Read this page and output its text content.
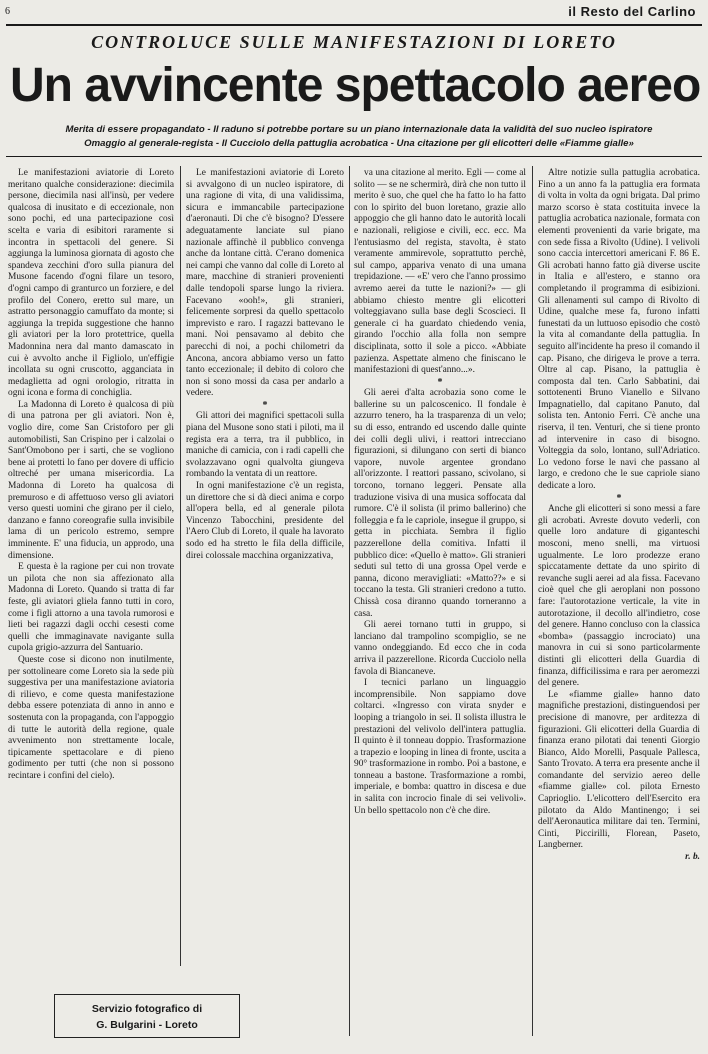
6	il Resto del Carlino
CONTROLUCE SULLE MANIFESTAZIONI DI LORETO
Un avvincente spettacolo aereo
Merita di essere propagandato - Il raduno si potrebbe portare su un piano internazionale data la validità del suo nucleo ispiratore
Omaggio al generale-regista - Il Cucciolo della pattuglia acrobatica - Una citazione per gli elicotteri delle «Fiamme gialle»

Le manifestazioni aviatorie di Loreto meritano qualche considerazione: diecimila persone, diecimila nasi all'insù, per vedere qualcosa di inusitato e di eccezionale, non sono pochi, ed una partecipazione così scelta e varia di esibitori raramente si incontra in spettacoli del genere. Si aggiunga la luminosa giornata di agosto che spandeva zecchini d'oro sulla pianura del Musone facendo d'ogni filare un tesoro, d'ogni campo di granturco un forziere, e del profilo del Conero, eretto sul mare, un astratto personaggio camuffato da monte; si aggiunga la trepida suggestione che hanno gli aviatori per la loro protettrice, quella Madonnina nera dal manto damascato in cui è avvolto anche il Figliolo, un'effigie incollata su ogni cruscotto, agganciata in medaglietta ad ogni orologio, ritratta in ogni icona e forma di conchiglia.

La Madonna di Loreto è qualcosa di più di una patrona per gli aviatori. Non è, voglio dire, come San Cristoforo per gli automobilisti, San Crispino per i calzolai o Sant'Omobono per i sarti, che se vogliono bene ai protetti lo fano per dovere di ufficio oltreché per umana misericordia. La Madonna di Loreto ha qualcosa di premuroso e di affettuoso verso gli aviatori verso questi uomini che girano per il cielo, danzano e fanno coreografie sulla invisibile lama di un pericolo estremo, sempre imminente. E' una fiducia, un approdo, una dimensione.

E questa è la ragione per cui non trovate un pilota che non sia affezionato alla Madonna di Loreto. Quando si tratta di far feste, gli aviatori gliela fanno tutti in coro, come i figli attorno a una tavola rumorosi e lieti bei ragazzi dagli occhi cesesti come quelli che immaginavate navigante sulla cupola grigio-azzurra del Santuario.

Queste cose si dicono non inutilmente, per sottolineare come Loreto sia la sede più suggestiva per una manifestazione aviatoria di rilievo, e come questa manifestazione debba essere potenziata di anno in anno e sostenuta con la propaganda, con l'appoggio di tutte le autorità della regione, quale avvenimento non strettamente locale, tipicamente spettacolare e di pieno godimento per tutti (che non si possono recintare i confini del cielo).

Le manifestazioni aviatorie di Loreto si avvalgono di un nucleo ispiratore, di una ragione di vita, di una validissima, sicura e immancabile partecipazione d'aeronauti. Di che c'è bisogno? D'essere adeguatamente lanciate sul piano nazionale affinchè il pubblico convenga anche da lontane città. C'erano domenica nei campi che vanno dal colle di Loreto al mare, macchine di stranieri provenienti dalle tendopoli sparse lungo la riviera. Facevano «ooh!», gli stranieri, felicemente sorpresi da quello spettacolo imprevisto e raro. I ragazzi battevano le mani. Noi pensavamo al debito che parecchi di noi, a pochi chilometri da Ancona, ancora abbiamo verso un fatto tanto eccezionale; il debito di coloro che non si sono mossi da casa per andarlo a vedere.

*

Gli attori dei magnifici spettacoli sulla piana del Musone sono stati i piloti, ma il regista era a terra, tra il pubblico, in maniche di camicia, con i radi capelli che svolazzavano ogni qualvolta giungeva rombando la ventata di un reattore.

In ogni manifestazione c'è un regista, un direttore che si dà dieci anima e corpo all'opera bella, ed al generale pilota Vincenzo Tabocchini, presidente del l'Aero Club di Loreto, il quale ha lavorato sodo ed ha stretto le fila della difficile, direi colossale macchina organizzativa,

va una citazione al merito. Egli — come al solito — se ne schermirà, dirà che non tutto il merito è suo, che quel che ha fatto lo ha fatto con lo spirito del buon loretano, grazie allo appoggio che gli hanno dato le autorità locali e nazionali, religiose e civili, ecc. ecc. Ma l'entusiasmo del regista, stavolta, è stato veramente ammirevole, soprattutto perchè, sul campo, appariva venato di una umana trepidazione. — «E' vero che l'anno prossimo avremo aerei da tutte le nazioni?» — gli abbiamo chiesto mentre gli elicotteri volteggiavano sulla base degli Scoscieci. Il generale ci ha guardato chiedendo venia, girando l'occhio alla folla non sempre disciplinata, sotto il sole a picco. «Abbiate pazienza. Aspettate almeno che finiscano le manifestazioni di quest'anno...».

*

Gli aerei d'alta acrobazia sono come le ballerine su un palcoscenico. Il fondale è azzurro tenero, ha la trasparenza di un velo; su di esso, entrando ed uscendo dalle quinte dei colli degli ulivi, i reattori intrecciano figurazioni, si dilungano con serti di bianco vapore, nuvole argentee grondano all'orizzonte. I reattori passano, scivolano, si torcono, tornano leggeri. Pensate alla traduzione visiva di una musica soffocata dal rumore. C'è il solista (il primo ballerino) che folleggia e fa le capriole, insegue il gruppo, si getta in picchiata. Sembra il figlio pazzerellone della comitiva. Infatti il pubblico dice: «Quello è matto». Gli stranieri seduti sul tetto di una grossa Opel verde e panna, dicono meravigliati: «Matto??» e si toccano la testa. Gli stranieri credono a tutto. Chissà cosa diranno quando torneranno a casa.

Gli aerei tornano tutti in gruppo, si lanciano dal trampolino scompiglio, se ne vanno ondeggiando. Ed ecco che in coda arriva il pazzerellone. Ricorda Cucciolo nella favola di Biancaneve.

I tecnici parlano un linguaggio incomprensibile. Non sappiamo dove coltarci. «Ingresso con virata snyder e looping a triangolo in sei. Il solista illustra le prestazioni del velivolo dell'intera pattuglia. Il quinto è il tonneau doppio. Trasformazione a trapezio e looping in linea di fronte, uscita a 90° trasformazione in rombo. Poi a bastone, e tonneau a bastone. Trasformazione a rombi, imperiale, e bomba: quattro in discesa e due in salita con incrocio finale di sei velivoli». Un bello spettacolo non c'è che dire.

Altre notizie sulla pattuglia acrobatica. Fino a un anno fa la pattuglia era formata di volta in volta da ogni brigata. Dal primo marzo scorso è stata costituita invece la pattuglia acrobatica nazionale, formata con elementi provenienti da varie brigate, ma con sede fissa a Rivolto (Udine). I velivoli sono caccia intercettori americani F. 86 E. Gli acrobati hanno fatto già diverse uscite in Italia e all'estero, e stanno ora completando il programma di esibizioni. Gli allenamenti sul campo di Rivolto di Udine, qualche mese fa, furono infatti funestati da un luttuoso episodio che costò la vita al comandante della pattuglia. In seguito all'incidente ha preso il comando il cap. Pisano, che dirigeva le prove a terra. Oltre al cap. Pisano, la pattuglia è composta dal ten. Carlo Sabbatini, dai sottotenenti Bruno Vianello e Silvano Impagnatiello, dal capitano Panuto, dal solista ten. Antonio Ferri. C'è anche una riserva, il ten. Venturi, che si tiene pronto ad intervenire in caso di bisogno. Volteggia da solo, lontano, sull'Adriatico. Lo vedono forse le navi che passano al largo, e credono che le sue capriole siano dedicate a loro.

*

Anche gli elicotteri si sono messi a fare gli acrobati. Avreste dovuto vederli, con quelle loro andature di giganteschi mosconi, meno snelli, ma virtuosi ugualmente. Le loro prodezze erano spiccatamente dettate da uno spirito di revanche sugli aerei ad ala fissa. Facevano cioè quel che gli aeroplani non possono fare: l'autorotazione verticale, la vite in autorotazione, il decollo all'indietro, cose del genere. Hanno concluso con la classica «bomba» (passaggio incrociato) una manovra in cui si sono particolarmente distinti gli elicotteri della Guardia di finanza, difficilissima e rara per aeromezzi del genere.

Le «fiamme gialle» hanno dato magnifiche prestazioni, distinguendosi per precisione di manovre, per arditezza di figurazioni. Gli elicotteri della Guardia di finanza erano pilotati dai tenenti Giorgio Bianco, Aldo Morelli, Pasquale Pallesca, Santo Trovato. A terra era presente anche il comandante del servizio aereo delle «fiamme gialle» col. pilota Ernesto Caprioglio. L'elicottero dell'Esercito era pilotato da Aldo Mantinengo; i sei dell'Aeronautica militare dai ten. Termini, Cinti, Piccirilli, Florean, Paseto, Langberner.

r. b.

Servizio fotografico di
G. Bulgarini - Loreto
